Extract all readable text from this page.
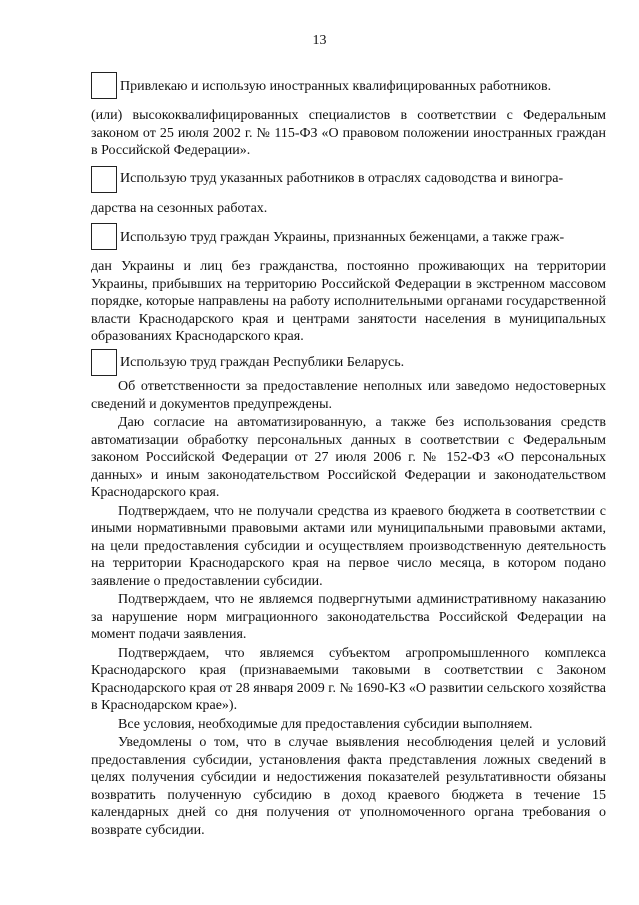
13
Привлекаю и использую иностранных квалифицированных работников.
(или) высококвалифицированных специалистов в соответствии с Федеральным законом от 25 июля 2002 г. № 115-ФЗ «О правовом положении иностранных граждан в Российской Федерации».
Использую труд указанных работников в отраслях садоводства и виногра-
дарства на сезонных работах.
Использую труд граждан Украины, признанных беженцами, а также граж-
дан Украины и лиц без гражданства, постоянно проживающих на территории Украины, прибывших на территорию Российской Федерации в экстренном массовом порядке, которые направлены на работу исполнительными органами государственной власти Краснодарского края и центрами занятости населения в муниципальных образованиях Краснодарского края.
Использую труд граждан Республики Беларусь.

Об ответственности за предоставление неполных или заведомо недостоверных сведений и документов предупреждены.

Даю согласие на автоматизированную, а также без использования средств автоматизации обработку персональных данных в соответствии с Федеральным законом Российской Федерации от 27 июля 2006 г. № 152-ФЗ «О персональных данных» и иным законодательством Российской Федерации и законодательством Краснодарского края.

Подтверждаем, что не получали средства из краевого бюджета в соответствии с иными нормативными правовыми актами или муниципальными правовыми актами, на цели предоставления субсидии и осуществляем производственную деятельность на территории Краснодарского края на первое число месяца, в котором подано заявление о предоставлении субсидии.

Подтверждаем, что не являемся подвергнутыми административному наказанию за нарушение норм миграционного законодательства Российской Федерации на момент подачи заявления.

Подтверждаем, что являемся субъектом агропромышленного комплекса Краснодарского края (признаваемыми таковыми в соответствии с Законом Краснодарского края от 28 января 2009 г. № 1690-КЗ «О развитии сельского хозяйства в Краснодарском крае»).

Все условия, необходимые для предоставления субсидии выполняем.

Уведомлены о том, что в случае выявления несоблюдения целей и условий предоставления субсидии, установления факта представления ложных сведений в целях получения субсидии и недостижения показателей результативности обязаны возвратить полученную субсидию в доход краевого бюджета в течение 15 календарных дней со дня получения от уполномоченного органа требования о возврате субсидии.
